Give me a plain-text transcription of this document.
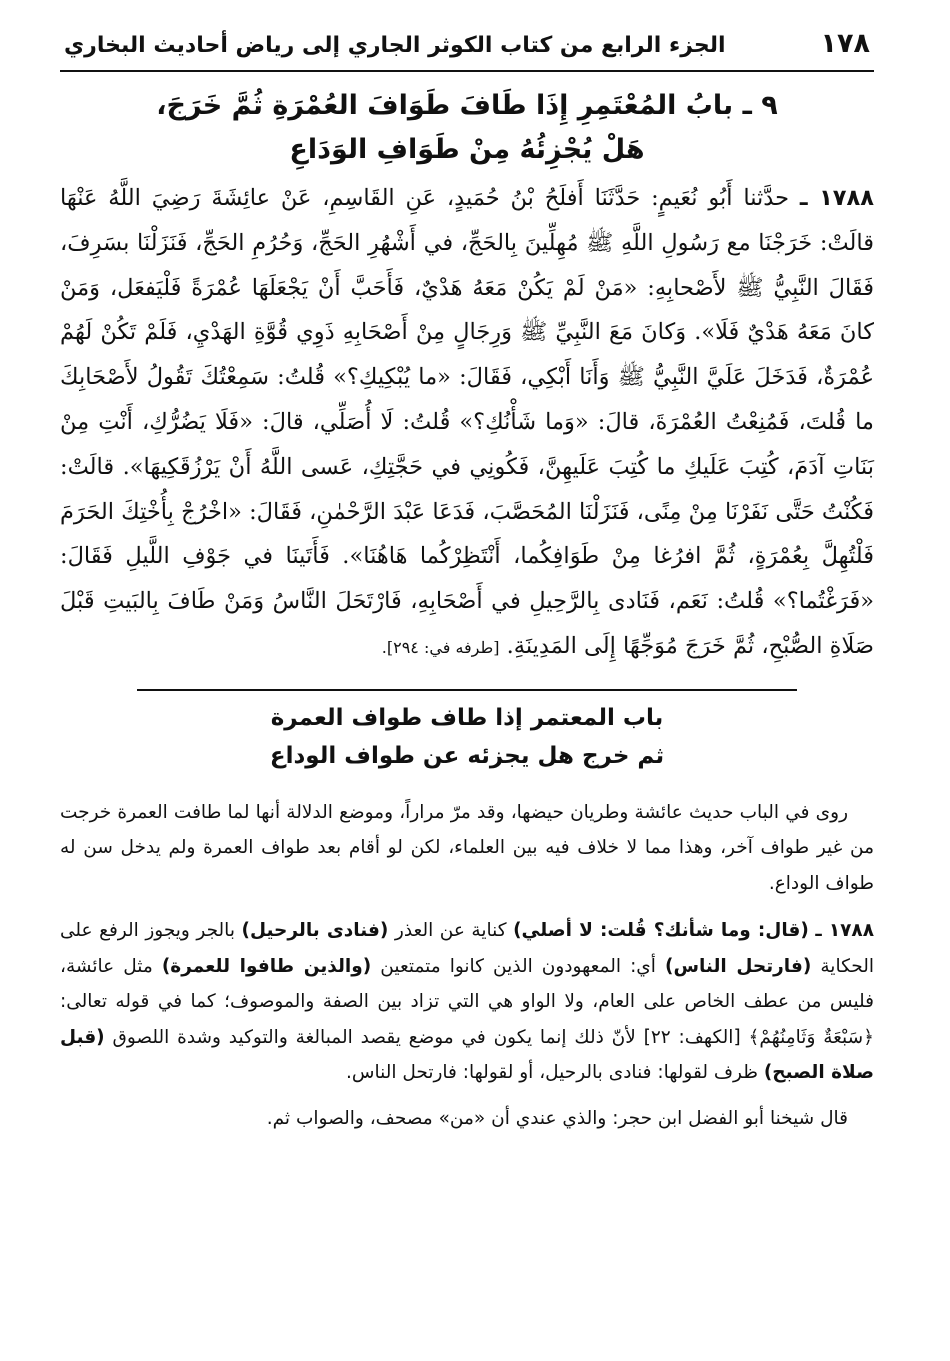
١٧٨
الجزء الرابع من كتاب الكوثر الجاري إلى رياض أحاديث البخاري
٩ ـ بابُ المُعْتَمِرِ إِذَا طَافَ طَوَافَ العُمْرَةِ ثُمَّ خَرَجَ،
هَلْ يُجْزِئُهُ مِنْ طَوَافِ الوَدَاعِ
١٧٨٨ ـ حدَّثنا أَبُو نُعَيمٍ: حَدَّثَنَا أَفلَحُ بْنُ حُمَيدٍ، عَنِ القَاسِمِ، عَنْ عائِشَةَ رَضِيَ اللَّهُ عَنْهَا قالَتْ: خَرَجْنَا مع رَسُولِ اللَّهِ ﷺ مُهِلِّينَ بِالحَجِّ، في أَشْهُرِ الحَجِّ، وَحُرُمِ الحَجِّ، فَنَزَلْنَا بسَرِفَ، فَقَالَ النَّبِيُّ ﷺ لأَصْحابِهِ: «مَنْ لَمْ يَكُنْ مَعَهُ هَدْيٌ، فَأَحَبَّ أَنْ يَجْعَلَهَا عُمْرَةً فَلْيَفعَل، وَمَنْ كانَ مَعَهُ هَدْيٌ فَلَا». وَكانَ مَعَ النَّبِيِّ ﷺ وَرِجَالٍ مِنْ أَصْحَابِهِ ذَوِي قُوَّةِ الهَدْيِ، فَلَمْ تَكُنْ لَهُمْ عُمْرَةٌ، فَدَخَلَ عَلَيَّ النَّبِيُّ ﷺ وَأَنَا أَبْكِي، فَقَالَ: «ما يُبْكِيكِ؟» قُلتُ: سَمِعْتُكَ تَقُولُ لأَصْحَابِكَ ما قُلتَ، فَمُنِعْتُ العُمْرَةَ، قالَ: «وَما شَأْنُكِ؟» قُلتُ: لَا أُصَلِّي، قالَ: «فَلَا يَضُرُّكِ، أَنْتِ مِنْ بَنَاتِ آدَمَ، كُتِبَ عَلَيكِ ما كُتِبَ عَلَيهِنَّ، فَكُونِي في حَجَّتِكِ، عَسى اللَّهُ أَنْ يَرْزُقَكِيهَا». قالَتْ: فَكُنْتُ حَتَّى نَفَرْنَا مِنْ مِنًى، فَنَزَلْنَا المُحَصَّبَ، فَدَعَا عَبْدَ الرَّحْمٰنِ، فَقَالَ: «اخْرُجْ بِأُخْتِكَ الحَرَمَ فَلْتُهِلَّ بِعُمْرَةٍ، ثُمَّ افرُغا مِنْ طَوَافِكُما، أَنْتَظِرْكُما هَاهُنَا». فَأَتَينَا في جَوْفِ اللَّيلِ فَقَالَ: «فَرَغْتُما؟» قُلتُ: نَعَم، فَنَادى بِالرَّحِيلِ في أَصْحَابِهِ، فَارْتَحَلَ النَّاسُ وَمَنْ طَافَ بِالبَيتِ قَبْلَ صَلَاةِ الصُّبْحِ، ثُمَّ خَرَجَ مُوَجِّهًا إِلَى المَدِينَةِ. [طرفه في: ٢٩٤].
باب المعتمر إذا طاف طواف العمرة
ثم خرج هل يجزئه عن طواف الوداع
روى في الباب حديث عائشة وطريان حيضها، وقد مرّ مراراً، وموضع الدلالة أنها لما طافت العمرة خرجت من غير طواف آخر، وهذا مما لا خلاف فيه بين العلماء، لكن لو أقام بعد طواف العمرة ولم يدخل سن له طواف الوداع.
١٧٨٨ ـ (قال: وما شأنك؟ قُلت: لا أصلي) كناية عن العذر (فنادى بالرحيل) بالجر ويجوز الرفع على الحكاية (فارتحل الناس) أي: المعهودون الذين كانوا متمتعين (والذين طافوا للعمرة) مثل عائشة، فليس من عطف الخاص على العام، ولا الواو هي التي تزاد بين الصفة والموصوف؛ كما في قوله تعالى: ﴿سَبْعَةٌ وَثَامِنُهُمْ﴾ [الكهف: ٢٢] لأنّ ذلك إنما يكون في موضع يقصد المبالغة والتوكيد وشدة اللصوق (قبل صلاة الصبح) ظرف لقولها: فنادى بالرحيل، أو لقولها: فارتحل الناس.
قال شيخنا أبو الفضل ابن حجر: والذي عندي أن «من» مصحف، والصواب ثم.
